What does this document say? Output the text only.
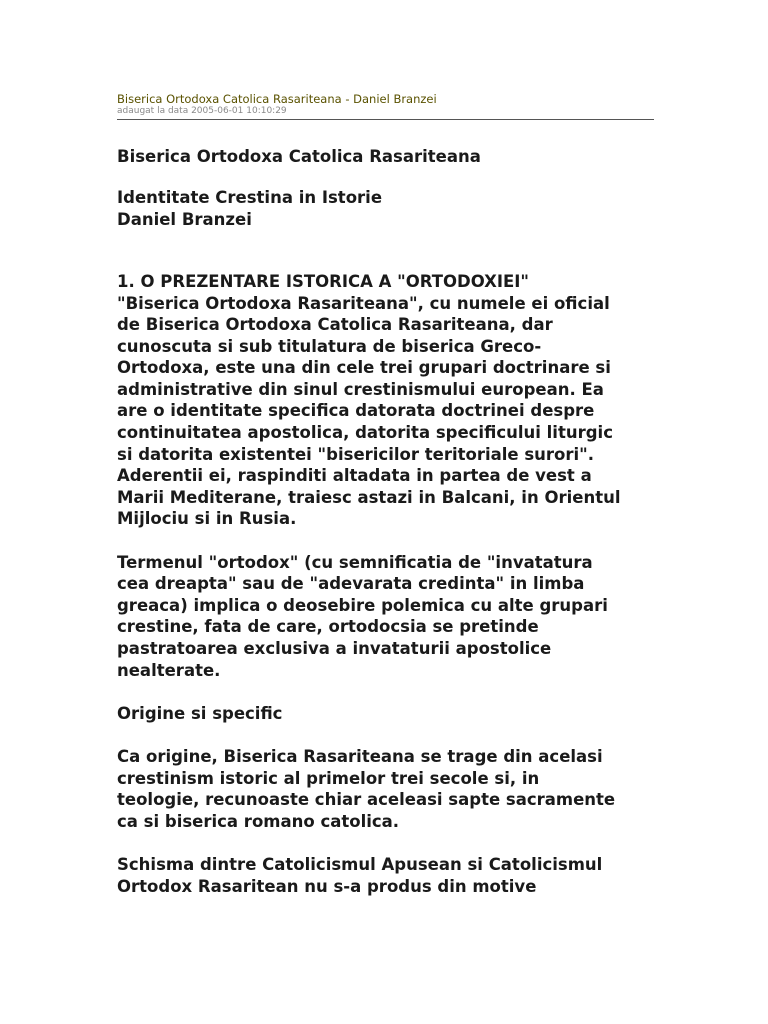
Biserica Ortodoxa Catolica Rasariteana - Daniel Branzei
adaugat la data 2005-06-01 10:10:29
Biserica Ortodoxa Catolica Rasariteana
Identitate Crestina in Istorie
Daniel Branzei
1. O PREZENTARE ISTORICA A "ORTODOXIEI"

"Biserica Ortodoxa Rasariteana", cu numele ei oficial
de Biserica Ortodoxa Catolica Rasariteana, dar
cunoscuta si sub titulatura de biserica Greco-
Ortodoxa, este una din cele trei grupari doctrinare si
administrative din sinul crestinismului european. Ea
are o identitate specifica datorata doctrinei despre
continuitatea apostolica, datorita specificului liturgic
si datorita existentei "bisericilor teritoriale surori".
Aderentii ei, raspinditi altadata in partea de vest a
Marii Mediterane, traiesc astazi in Balcani, in Orientul
Mijlociu si in Rusia.

Termenul "ortodox" (cu semnificatia de "invatatura
cea dreapta" sau de "adevarata credinta" in limba
greaca) implica o deosebire polemica cu alte grupari
crestine, fata de care, ortodocsia se pretinde
pastratoarea exclusiva a invataturii apostolice
nealterate.

Origine si specific

Ca origine, Biserica Rasariteana se trage din acelasi
crestinism istoric al primelor trei secole si, in
teologie, recunoaste chiar aceleasi sapte sacramente
ca si biserica romano catolica.

Schisma dintre Catolicismul Apusean si Catolicismul
Ortodox Rasaritean nu s-a produs din motive
